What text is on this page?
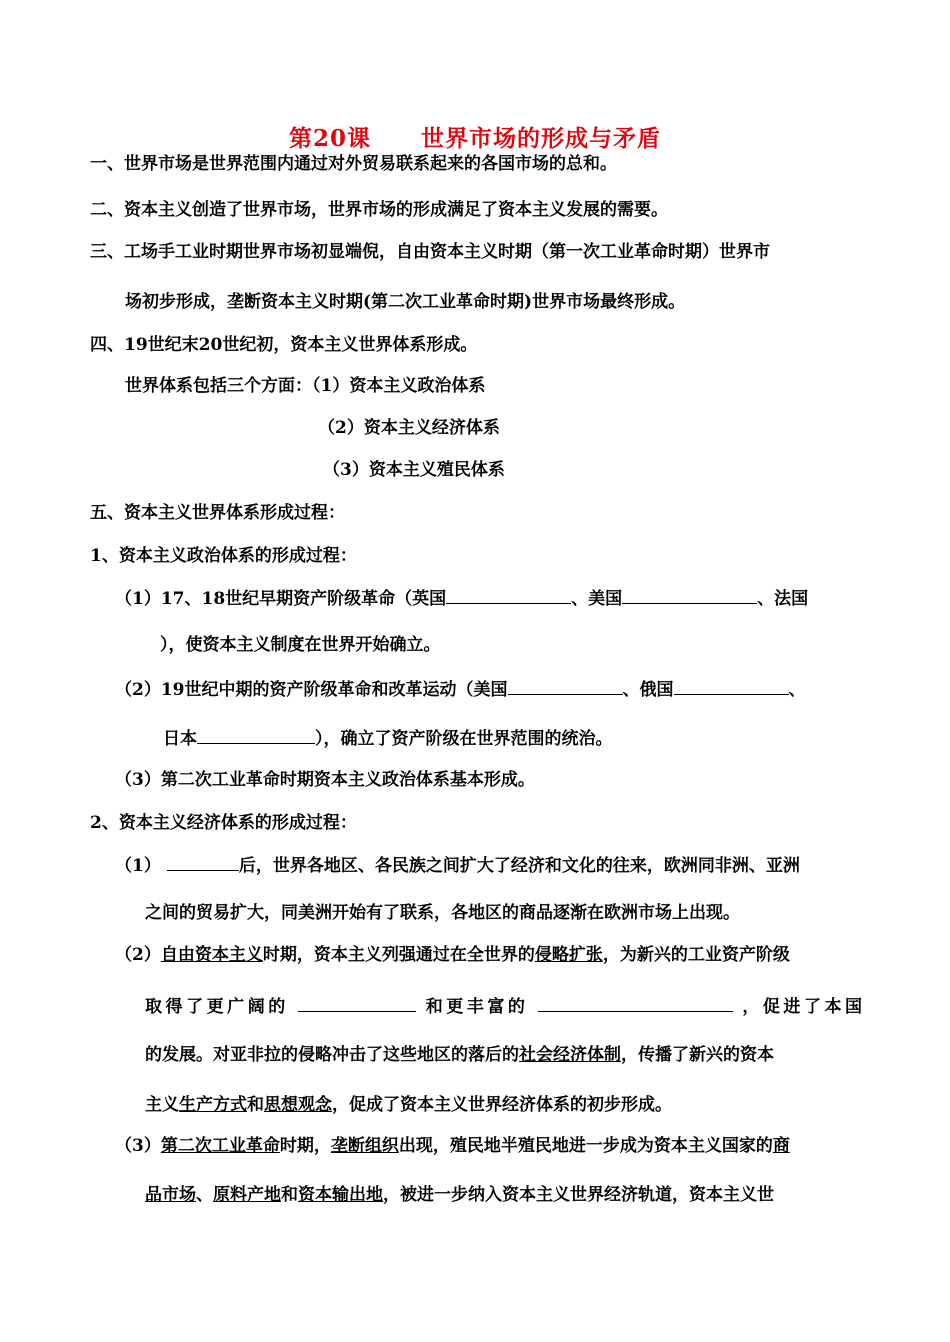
第20课 世界市场的形成与矛盾
一、世界市场是世界范围内通过对外贸易联系起来的各国市场的总和。
二、资本主义创造了世界市场，世界市场的形成满足了资本主义发展的需要。
三、工场手工业时期世界市场初显端倪，自由资本主义时期（第一次工业革命时期）世界市
场初步形成，垄断资本主义时期(第二次工业革命时期)世界市场最终形成。
四、19世纪末20世纪初，资本主义世界体系形成。
世界体系包括三个方面：（1）资本主义政治体系
（2）资本主义经济体系
（3）资本主义殖民体系
五、资本主义世界体系形成过程：
1、资本主义政治体系的形成过程：
（1）17、18世纪早期资产阶级革命（英国	、美国	、法国
），使资本主义制度在世界开始确立。
（2）19世纪中期的资产阶级革命和改革运动（美国	、俄国	、
日本	），确立了资产阶级在世界范围的统治。
（3）第二次工业革命时期资本主义政治体系基本形成。
2、资本主义经济体系的形成过程：
（1）	后，世界各地区、各民族之间扩大了经济和文化的往来，欧洲同非洲、亚洲
之间的贸易扩大，同美洲开始有了联系，各地区的商品逐渐在欧洲市场上出现。
（2）自由资本主义时期，资本主义列强通过在全世界的侵略扩张，为新兴的工业资产阶级
取得了更广阔的	和更丰富的	，促进了本国
的发展。对亚非拉的侵略冲击了这些地区的落后的社会经济体制，传播了新兴的资本
主义生产方式和思想观念，促成了资本主义世界经济体系的初步形成。
（3）第二次工业革命时期，垄断组织出现，殖民地半殖民地进一步成为资本主义国家的商
品市场、原料产地和资本输出地，被进一步纳入资本主义世界经济轨道，资本主义世
